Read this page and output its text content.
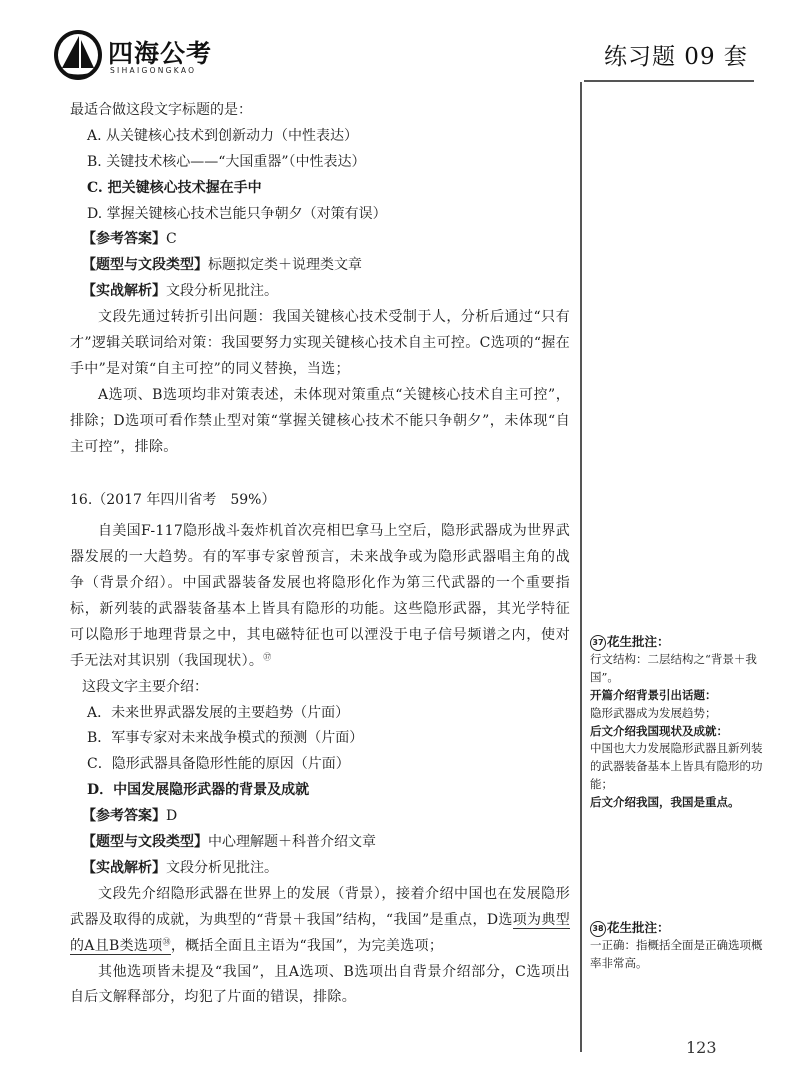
四海公考
SIHAIGONGKAO
练习题 09 套

最适合做这段文字标题的是：

A. 从关键核心技术到创新动力（中性表达）

B. 关键技术核心——“大国重器”（中性表达）

C. 把关键核心技术握在手中

D. 掌握关键核心技术岂能只争朝夕（对策有误）

【参考答案】C

【题型与文段类型】标题拟定类＋说理类文章

【实战解析】文段分析见批注。

文段先通过转折引出问题：我国关键核心技术受制于人，分析后通过“只有才”逻辑关联词给对策：我国要努力实现关键核心技术自主可控。C选项的“握在手中”是对策“自主可控”的同义替换，当选；

A选项、B选项均非对策表述，未体现对策重点“关键核心技术自主可控”，排除；D选项可看作禁止型对策“掌握关键核心技术不能只争朝夕”，未体现“自主可控”，排除。

16.（2017 年四川省考　59%）

自美国F-117隐形战斗轰炸机首次亮相巴拿马上空后，隐形武器成为世界武器发展的一大趋势。有的军事专家曾预言，未来战争或为隐形武器唱主角的战争（背景介绍）。中国武器装备发展也将隐形化作为第三代武器的一个重要指标，新列装的武器装备基本上皆具有隐形的功能。这些隐形武器，其光学特征可以隐形于地理背景之中，其电磁特征也可以湮没于电子信号频谱之内，使对手无法对其识别（我国现状）。$^㊲$

这段文字主要介绍：

A．未来世界武器发展的主要趋势（片面）

B．军事专家对未来战争模式的预测（片面）

C．隐形武器具备隐形性能的原因（片面）

D．中国发展隐形武器的背景及成就

【参考答案】D

【题型与文段类型】中心理解题＋科普介绍文章

【实战解析】文段分析见批注。

文段先介绍隐形武器在世界上的发展（背景），接着介绍中国也在发展隐形武器及取得的成就，为典型的“背景＋我国”结构，“我国”是重点，D选项为典型的A且B类选项$^㊳$，概括全面且主语为“我国”，为完美选项；

其他选项皆未提及“我国”，且A选项、B选项出自背景介绍部分，C选项出自后文解释部分，均犯了片面的错误，排除。

37 花生批注：

行文结构：二层结构之“背景＋我国”。

开篇介绍背景引出话题：

隐形武器成为发展趋势；

后文介绍我国现状及成就：

中国也大力发展隐形武器且新列装的武器装备基本上皆具有隐形的功能；

后文介绍我国，我国是重点。

38 花生批注：

一正确：指概括全面是正确选项概率非常高。

123
